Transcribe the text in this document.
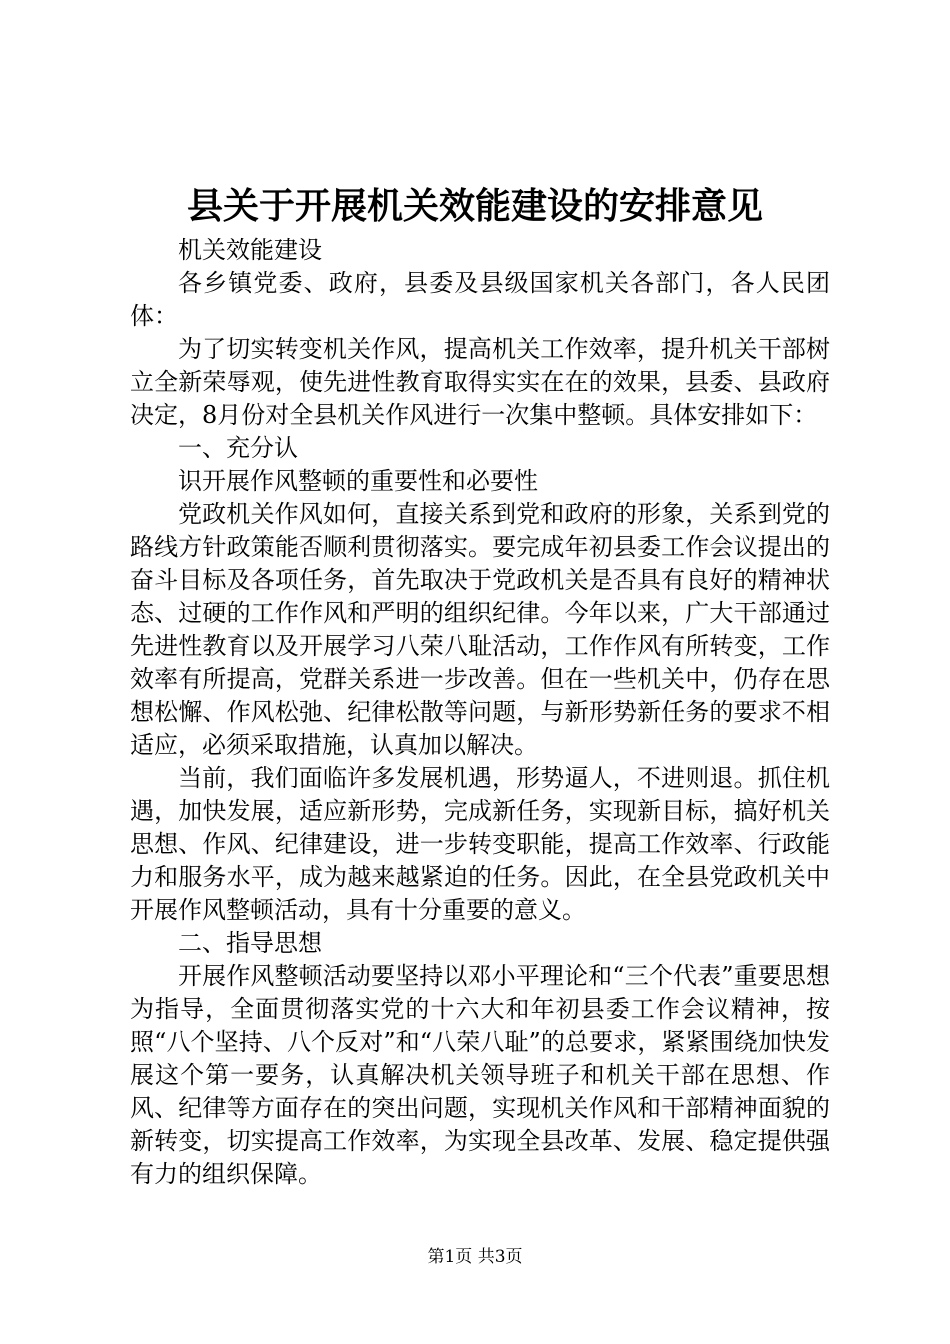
县关于开展机关效能建设的安排意见

机关效能建设

各乡镇党委、政府，县委及县级国家机关各部门，各人民团体：

为了切实转变机关作风，提高机关工作效率，提升机关干部树立全新荣辱观，使先进性教育取得实实在在的效果，县委、县政府决定，8月份对全县机关作风进行一次集中整顿。具体安排如下：

一、充分认

识开展作风整顿的重要性和必要性

党政机关作风如何，直接关系到党和政府的形象，关系到党的路线方针政策能否顺利贯彻落实。要完成年初县委工作会议提出的奋斗目标及各项任务，首先取决于党政机关是否具有良好的精神状态、过硬的工作作风和严明的组织纪律。今年以来，广大干部通过先进性教育以及开展学习八荣八耻活动，工作作风有所转变，工作效率有所提高，党群关系进一步改善。但在一些机关中，仍存在思想松懈、作风松弛、纪律松散等问题，与新形势新任务的要求不相适应，必须采取措施，认真加以解决。

当前，我们面临许多发展机遇，形势逼人，不进则退。抓住机遇，加快发展，适应新形势，完成新任务，实现新目标，搞好机关思想、作风、纪律建设，进一步转变职能，提高工作效率、行政能力和服务水平，成为越来越紧迫的任务。因此，在全县党政机关中开展作风整顿活动，具有十分重要的意义。

二、指导思想

开展作风整顿活动要坚持以邓小平理论和“三个代表”重要思想为指导，全面贯彻落实党的十六大和年初县委工作会议精神，按照“八个坚持、八个反对”和“八荣八耻”的总要求，紧紧围绕加快发展这个第一要务，认真解决机关领导班子和机关干部在思想、作风、纪律等方面存在的突出问题，实现机关作风和干部精神面貌的新转变，切实提高工作效率，为实现全县改革、发展、稳定提供强有力的组织保障。

第1页 共3页
